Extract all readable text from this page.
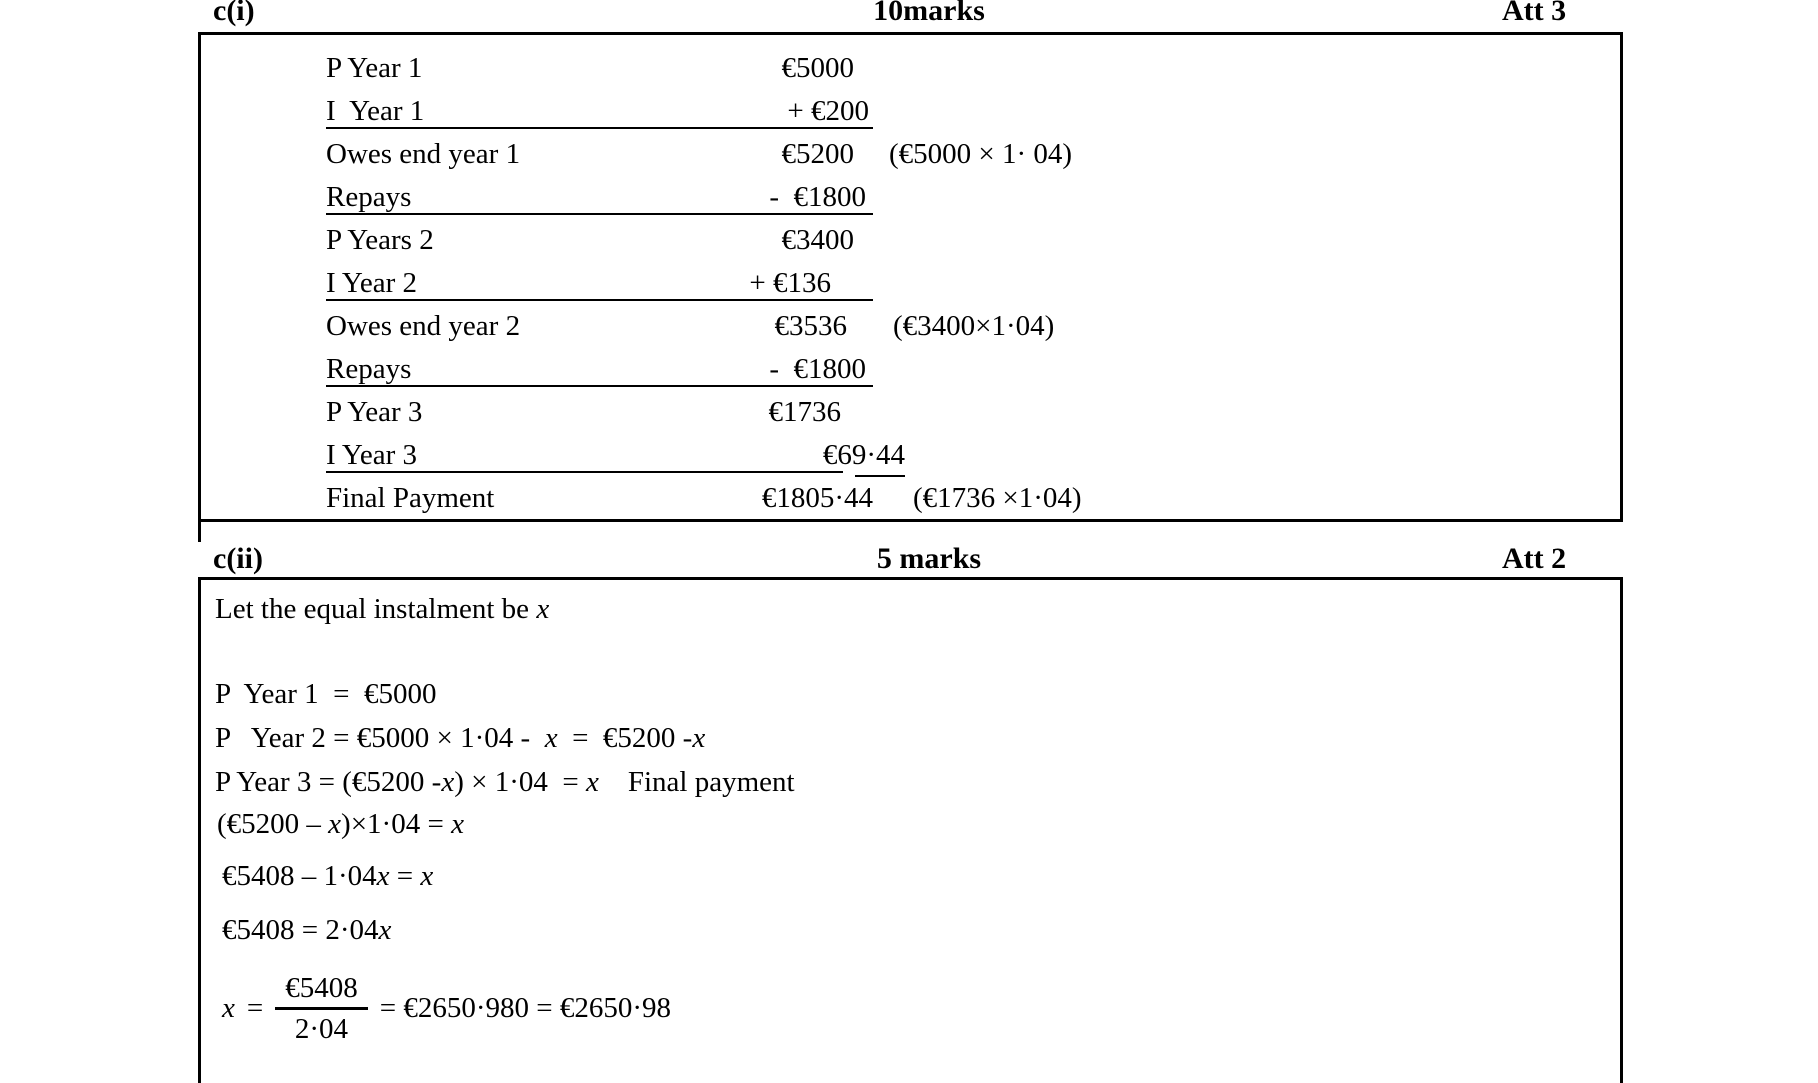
c(i)	10marks	Att 3
P Year 1	€5000
I  Year 1	+ €200
Owes end year 1	€5200	(€5000 × 1· 04)
Repays	-  €1800
P Years 2	€3400
I Year 2	+ €136
Owes end year 2	€3536	(€3400×1·04)
Repays	-  €1800
P Year 3	€1736
I Year 3	€69·44
Final Payment	€1805·44 (€1736 ×1·04)
c(ii)	5 marks	Att 2
Let the equal instalment be x
P  Year 1  =  €5000
P   Year 2 = €5000 × 1·04 -  x  =  €5200 -x
P Year 3 = (€5200 -x) × 1·04  = x    Final payment
(€5200 – x)×1·04 = x
€5408 – 1·04x = x
€5408 = 2·04x
$x = \frac{€5408}{2\cdot 04}$ = €2650·980 = €2650·98
